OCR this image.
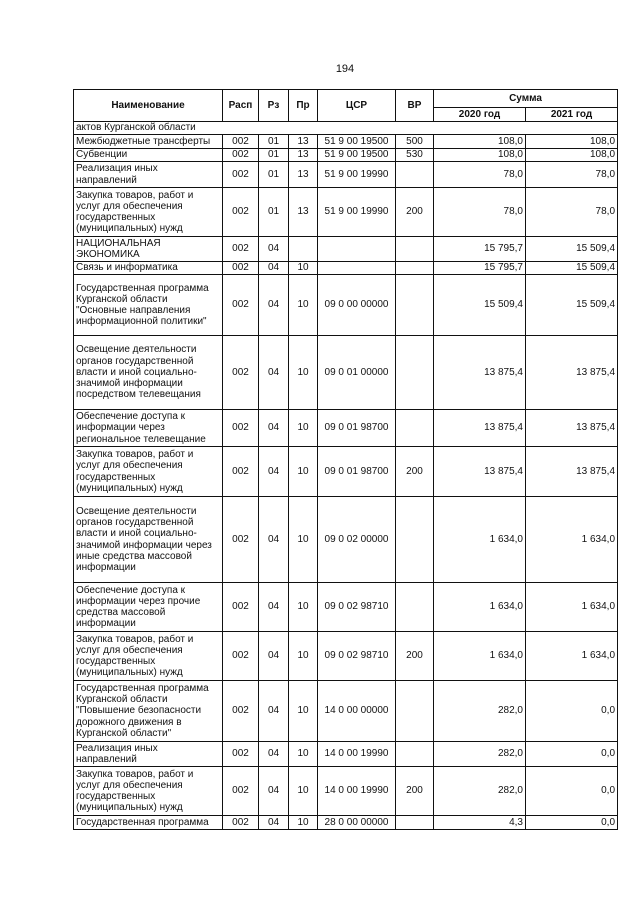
194
Наименование	Расп	Рз	Пр	ЦСР	ВР	Сумма	
						2020 год	2021 год
актов Курганской области							
Межбюджетные трансферты	002	01	13	51 9 00 19500	500	108,0	108,0
Субвенции	002	01	13	51 9 00 19500	530	108,0	108,0
Реализация иных направлений	002	01	13	51 9 00 19990		78,0	78,0
Закупка товаров, работ и услуг для обеспечения государственных (муниципальных) нужд	002	01	13	51 9 00 19990	200	78,0	78,0
НАЦИОНАЛЬНАЯ ЭКОНОМИКА	002	04				15 795,7	15 509,4
Связь и информатика	002	04	10			15 795,7	15 509,4
Государственная программа Курганской области "Основные направления информационной политики"	002	04	10	09 0 00 00000		15 509,4	15 509,4
Освещение деятельности органов государственной власти и иной социально-значимой информации посредством телевещания	002	04	10	09 0 01 00000		13 875,4	13 875,4
Обеспечение доступа к информации через региональное телевещание	002	04	10	09 0 01 98700		13 875,4	13 875,4
Закупка товаров, работ и услуг для обеспечения государственных (муниципальных) нужд	002	04	10	09 0 01 98700	200	13 875,4	13 875,4
Освещение деятельности органов государственной власти и иной социально-значимой информации через иные средства массовой информации	002	04	10	09 0 02 00000		1 634,0	1 634,0
Обеспечение доступа к информации через прочие средства массовой информации	002	04	10	09 0 02 98710		1 634,0	1 634,0
Закупка товаров, работ и услуг для обеспечения государственных (муниципальных) нужд	002	04	10	09 0 02 98710	200	1 634,0	1 634,0
Государственная программа Курганской области "Повышение безопасности дорожного движения в Курганской области"	002	04	10	14 0 00 00000		282,0	0,0
Реализация иных направлений	002	04	10	14 0 00 19990		282,0	0,0
Закупка товаров, работ и услуг для обеспечения государственных (муниципальных) нужд	002	04	10	14 0 00 19990	200	282,0	0,0
Государственная программа	002	04	10	28 0 00 00000		4,3	0,0
